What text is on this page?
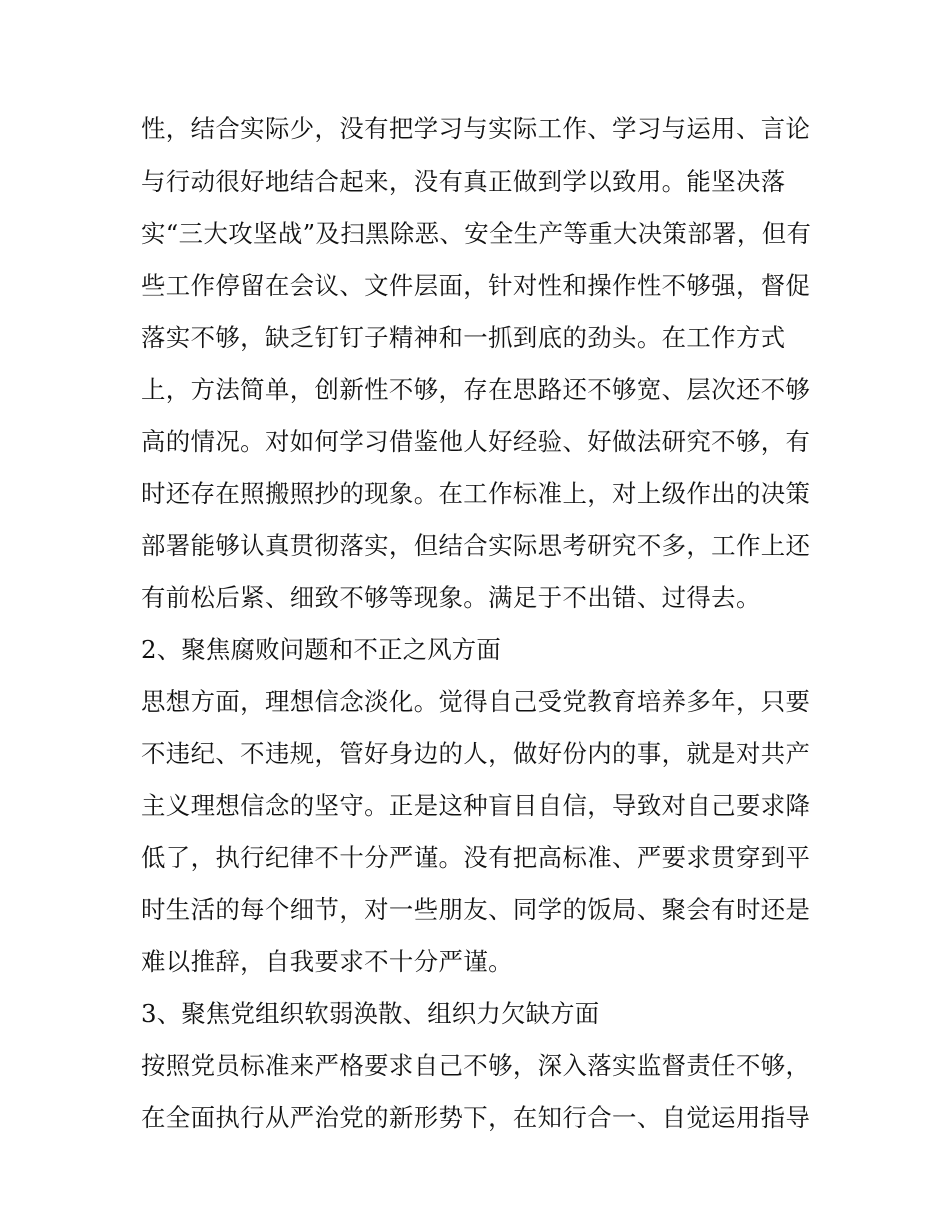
性，结合实际少，没有把学习与实际工作、学习与运用、言论
与行动很好地结合起来，没有真正做到学以致用。能坚决落
实“三大攻坚战”及扫黑除恶、安全生产等重大决策部署，但有
些工作停留在会议、文件层面，针对性和操作性不够强，督促
落实不够，缺乏钉钉子精神和一抓到底的劲头。在工作方式
上，方法简单，创新性不够，存在思路还不够宽、层次还不够
高的情况。对如何学习借鉴他人好经验、好做法研究不够，有
时还存在照搬照抄的现象。在工作标准上，对上级作出的决策
部署能够认真贯彻落实，但结合实际思考研究不多，工作上还
有前松后紧、细致不够等现象。满足于不出错、过得去。
2、聚焦腐败问题和不正之风方面
思想方面，理想信念淡化。觉得自己受党教育培养多年，只要
不违纪、不违规，管好身边的人，做好份内的事，就是对共产
主义理想信念的坚守。正是这种盲目自信，导致对自己要求降
低了，执行纪律不十分严谨。没有把高标准、严要求贯穿到平
时生活的每个细节，对一些朋友、同学的饭局、聚会有时还是
难以推辞，自我要求不十分严谨。
3、聚焦党组织软弱涣散、组织力欠缺方面
按照党员标准来严格要求自己不够，深入落实监督责任不够，
在全面执行从严治党的新形势下，在知行合一、自觉运用指导
